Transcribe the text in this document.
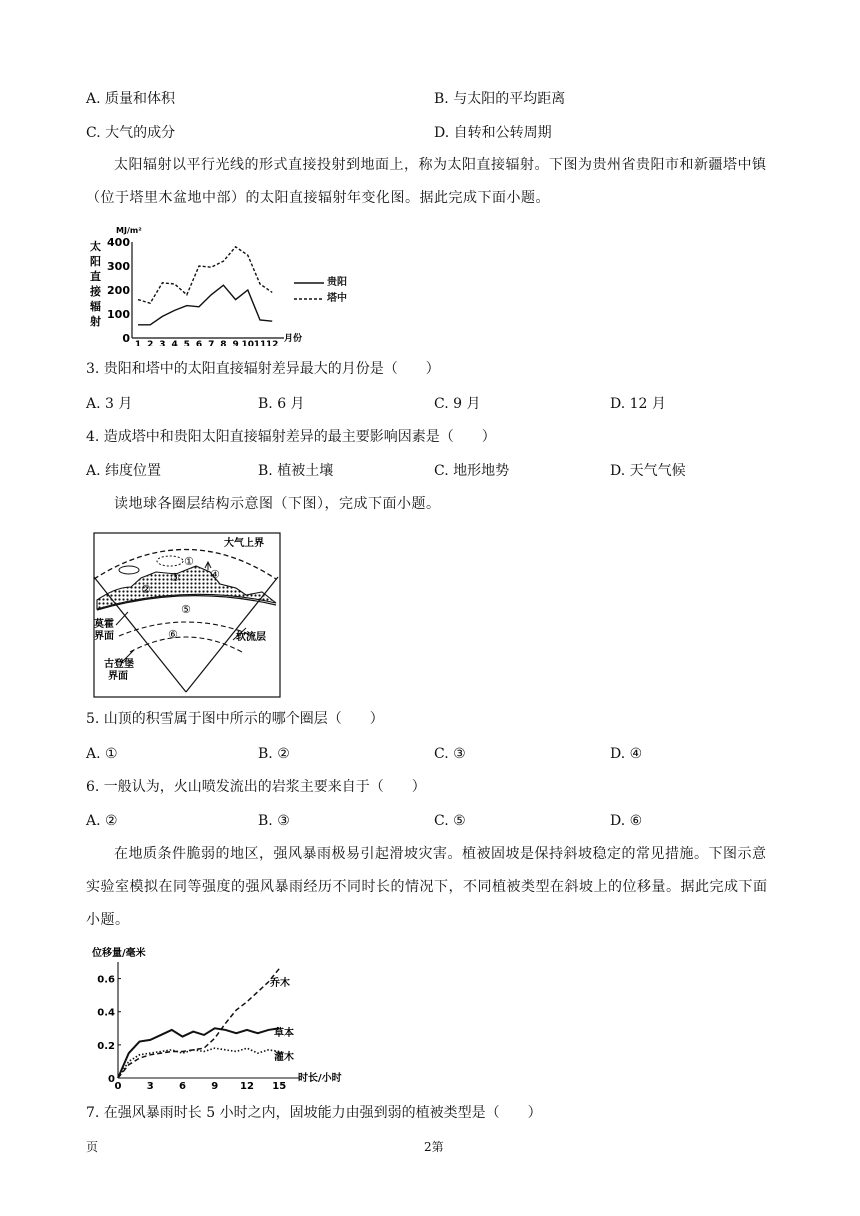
A. 质量和体积	B. 与太阳的平均距离
C. 大气的成分	D. 自转和公转周期
太阳辐射以平行光线的形式直接投射到地面上，称为太阳直接辐射。下图为贵州省贵阳市和新疆塔中镇（位于塔里木盆地中部）的太阳直接辐射年变化图。据此完成下面小题。
MJ/m²
太
阳
直
接
辐
射
400
300
200
100
0 1 2 3 4 5 6 7 8 9 10 11 12
月份
贵阳
塔中
3. 贵阳和塔中的太阳直接辐射差异最大的月份是（　　）
A. 3 月	B. 6 月	C. 9 月	D. 12 月
4. 造成塔中和贵阳太阳直接辐射差异的最主要影响因素是（　　）
A. 纬度位置	B. 植被土壤	C. 地形地势	D. 天气气候
读地球各圈层结构示意图（下图），完成下面小题。
①
②
③	④
⑤
⑥
大气上界
莫霍
界面
古登堡
界面
软流层
5. 山顶的积雪属于图中所示的哪个圈层（　　）
A. ①	B. ②	C. ③	D. ④
6. 一般认为，火山喷发流出的岩浆主要来自于（　　）
A. ②	B. ③	C. ⑤	D. ⑥
在地质条件脆弱的地区，强风暴雨极易引起滑坡灾害。植被固坡是保持斜坡稳定的常见措施。下图示意实验室模拟在同等强度的强风暴雨经历不同时长的情况下，不同植被类型在斜坡上的位移量。据此完成下面小题。
位移量/毫米
0.6
0.4
0.2
0
0	3	6	9 12 15
时长/小时
乔木
草本
灌木
7. 在强风暴雨时长 5 小时之内，固坡能力由强到弱的植被类型是（　　）
页	2第
